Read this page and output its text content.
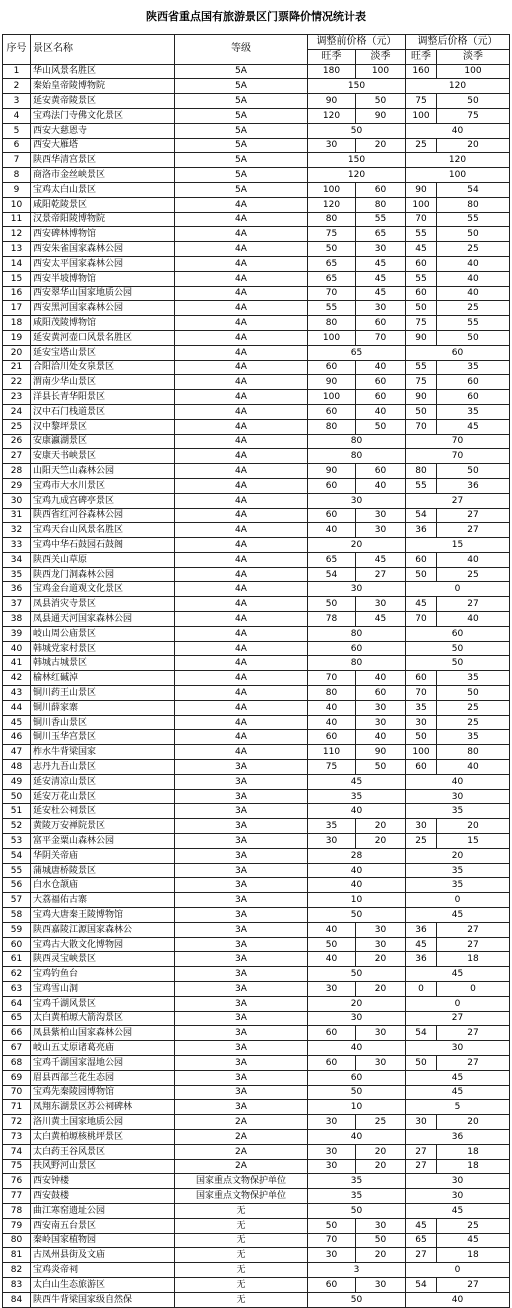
陕西省重点国有旅游景区门票降价情况统计表
序号	景区名称	等级	调整前价格（元）		调整后价格（元）	
			旺季	淡季	旺季	淡季
1	华山风景名胜区	5A	180	100	160	100
2	秦始皇帝陵博物院	5A	150		120	
3	延安黄帝陵景区	5A	90	50	75	50
4	宝鸡法门寺佛文化景区	5A	120	90	100	75
5	西安大慈恩寺	5A	50		40	
6	西安大雁塔	5A	30	20	25	20
7	陕西华清宫景区	5A	150		120	
8	商洛市金丝峡景区	5A	120		100	
9	宝鸡太白山景区	5A	100	60	90	54
10	咸阳乾陵景区	4A	120	80	100	80
11	汉景帝阳陵博物院	4A	80	55	70	55
12	西安碑林博物馆	4A	75	65	55	50
13	西安朱雀国家森林公园	4A	50	30	45	25
14	西安太平国家森林公园	4A	65	45	60	40
15	西安半坡博物馆	4A	65	45	55	40
16	西安翠华山国家地质公园	4A	70	45	60	40
17	西安黑河国家森林公园	4A	55	30	50	25
18	咸阳茂陵博物馆	4A	80	60	75	55
19	延安黄河壶口风景名胜区	4A	100	70	90	50
20	延安宝塔山景区	4A	65		60	
21	合阳洽川处女泉景区	4A	60	40	55	35
22	渭南少华山景区	4A	90	60	75	60
23	洋县长青华阳景区	4A	100	60	90	60
24	汉中石门栈道景区	4A	60	40	50	35
25	汉中黎坪景区	4A	80	50	70	45
26	安康瀛湖景区	4A	80		70	
27	安康天书峡景区	4A	80		70	
28	山阳天竺山森林公园	4A	90	60	80	50
29	宝鸡市大水川景区	4A	60	40	55	36
30	宝鸡九成宫碑亭景区	4A	30		27	
31	陕西省红河谷森林公园	4A	60	30	54	27
32	宝鸡天台山风景名胜区	4A	40	30	36	27
33	宝鸡中华石鼓园石鼓阁	4A	20		15	
34	陕西关山草原	4A	65	45	60	40
35	陕西龙门洞森林公园	4A	54	27	50	25
36	宝鸡金台道观文化景区	4A	30		0	
37	凤县消灾寺景区	4A	50	30	45	27
38	凤县通天河国家森林公园	4A	78	45	70	40
39	岐山周公庙景区	4A	80		60	
40	韩城党家村景区	4A	60		50	
41	韩城古城景区	4A	80		50	
42	榆林红碱淖	4A	70	40	60	35
43	铜川药王山景区	4A	80	60	70	50
44	铜川薛家寨	4A	40	30	35	25
45	铜川香山景区	4A	40	30	30	25
46	铜川玉华宫景区	4A	60	40	50	35
47	柞水牛背梁国家	4A	110	90	100	80
48	志丹九吾山景区	3A	75	50	60	40
49	延安清凉山景区	3A	45		40	
50	延安万花山景区	3A	35		30	
51	延安杜公祠景区	3A	40		35	
52	黄陵万安禅院景区	3A	35	20	30	20
53	富平金粟山森林公园	3A	30	20	25	15
54	华阴关帝庙	3A	28		20	
55	蒲城唐桥陵景区	3A	40		35	
56	白水仓颉庙	3A	40		35	
57	大荔福佑古寨	3A	10		0	
58	宝鸡大唐秦王陵博物馆	3A	50		45	
59	陕西嘉陵江源国家森林公	3A	40	30	36	27
60	宝鸡古大散文化博物园	3A	50	30	45	27
61	陕西灵宝峡景区	3A	40	20	36	18
62	宝鸡钓鱼台	3A	50		45	
63	宝鸡雪山洞	3A	30	20	0	0
64	宝鸡千湖风景区	3A	20		0	
65	太白黄柏塬大箭沟景区	3A	30		27	
66	凤县紫柏山国家森林公园	3A	60	30	54	27
67	岐山五丈原诸葛亮庙	3A	40		30	
68	宝鸡千湖国家湿地公园	3A	60	30	50	27
69	眉县西部兰花生态园	3A	60		45	
70	宝鸡先秦陵园博物馆	3A	50		45	
71	凤翔东湖景区苏公祠碑林	3A	10		5	
72	洛川黄土国家地质公园	2A	30	25	30	20
73	太白黄柏塬核桃坪景区	2A	40		36	
74	太白药王谷风景区	2A	30	20	27	18
75	扶风野河山景区	2A	30	20	27	18
76	西安钟楼	国家重点文物保护单位	35		30	
77	西安鼓楼	国家重点文物保护单位	35		30	
78	曲江寒窑遗址公园	无	50		45	
79	西安南五台景区	无	50	30	45	25
80	秦岭国家植物园	无	70	50	65	45
81	古凤州县街及文庙	无	30	20	27	18
82	宝鸡炎帝祠	无	3		0	
83	太白山生态旅游区	无	60	30	54	27
84	陕西牛背梁国家级自然保	无	50		40	
